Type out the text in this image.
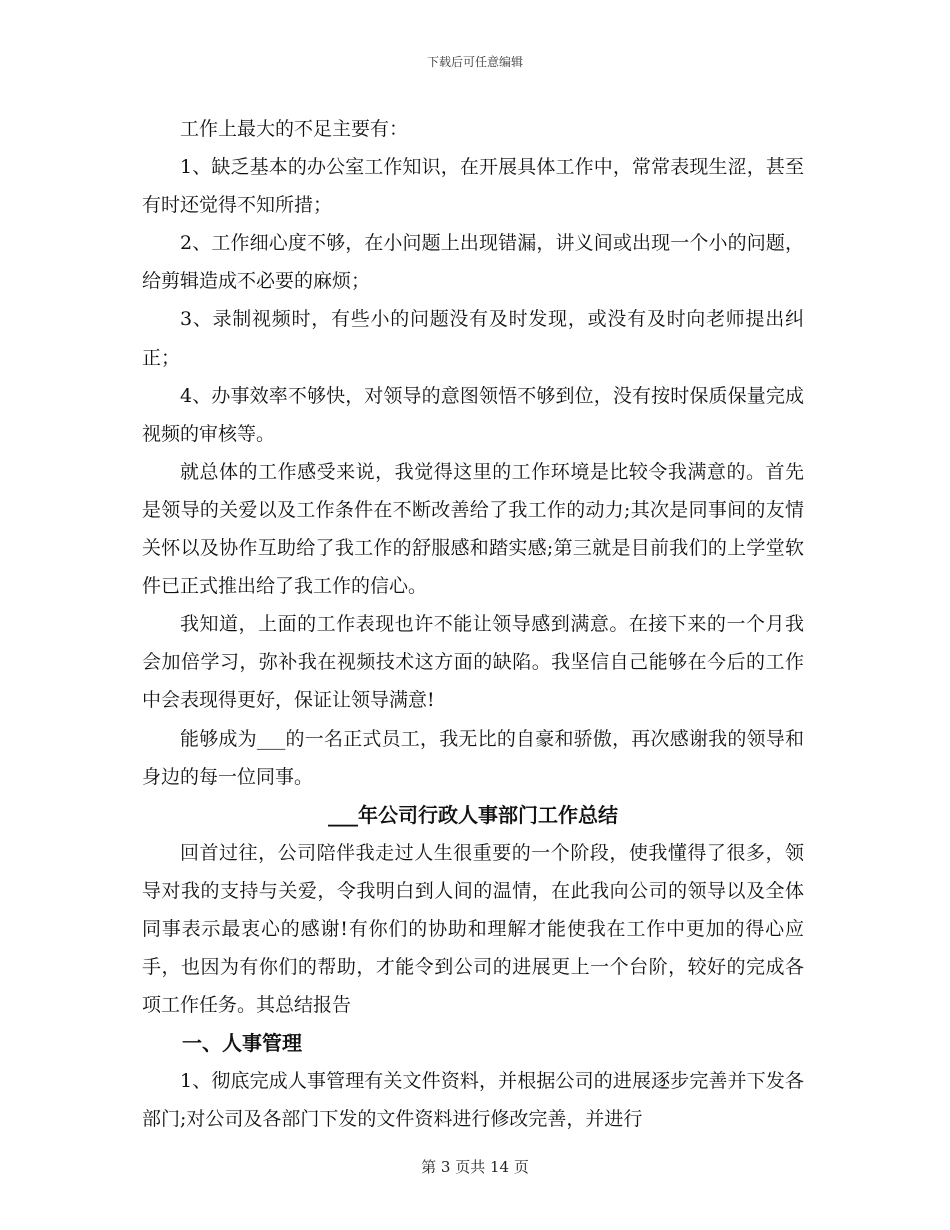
下载后可任意编辑

工作上最大的不足主要有：

1、缺乏基本的办公室工作知识，在开展具体工作中，常常表现生涩，甚至有时还觉得不知所措；

2、工作细心度不够，在小问题上出现错漏，讲义间或出现一个小的问题，给剪辑造成不必要的麻烦；

3、录制视频时，有些小的问题没有及时发现，或没有及时向老师提出纠正；

4、办事效率不够快，对领导的意图领悟不够到位，没有按时保质保量完成视频的审核等。

就总体的工作感受来说，我觉得这里的工作环境是比较令我满意的。首先是领导的关爱以及工作条件在不断改善给了我工作的动力;其次是同事间的友情关怀以及协作互助给了我工作的舒服感和踏实感;第三就是目前我们的上学堂软件已正式推出给了我工作的信心。

我知道，上面的工作表现也许不能让领导感到满意。在接下来的一个月我会加倍学习，弥补我在视频技术这方面的缺陷。我坚信自己能够在今后的工作中会表现得更好，保证让领导满意!

能够成为___的一名正式员工，我无比的自豪和骄傲，再次感谢我的领导和身边的每一位同事。

___年公司行政人事部门工作总结

回首过往，公司陪伴我走过人生很重要的一个阶段，使我懂得了很多，领导对我的支持与关爱，令我明白到人间的温情，在此我向公司的领导以及全体同事表示最衷心的感谢!有你们的协助和理解才能使我在工作中更加的得心应手，也因为有你们的帮助，才能令到公司的进展更上一个台阶，较好的完成各项工作任务。其总结报告

一、人事管理

1、彻底完成人事管理有关文件资料，并根据公司的进展逐步完善并下发各部门;对公司及各部门下发的文件资料进行修改完善，并进行

第 3 页共 14 页
